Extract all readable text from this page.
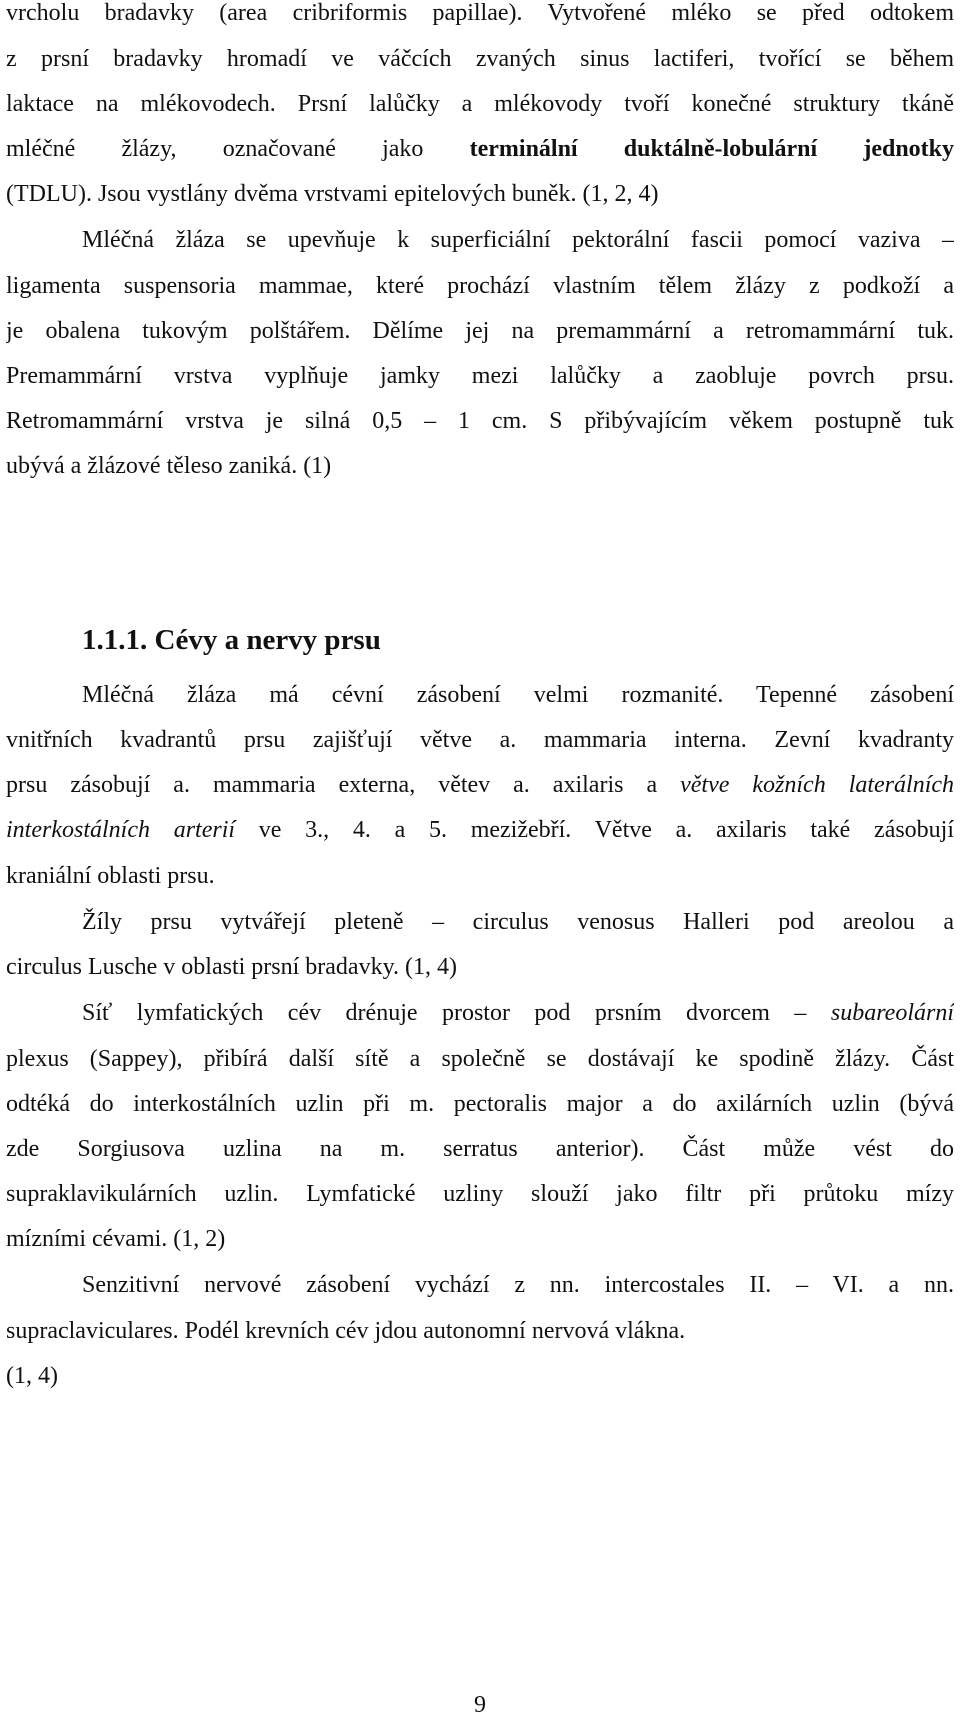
vrcholu bradavky (area cribriformis papillae). Vytvořené mléko se před odtokem
z prsní bradavky hromadí ve váčcích zvaných sinus lactiferi, tvořící se během
laktace na mlékovodech. Prsní lalůčky a mlékovody tvoří konečné struktury tkáně
mléčné žlázy, označované jako terminální duktálně-lobulární jednotky
(TDLU). Jsou vystlány dvěma vrstvami epitelových buněk. (1, 2, 4)
Mléčná žláza se upevňuje k superficiální pektorální fascii pomocí vaziva –
ligamenta suspensoria mammae, které prochází vlastním tělem žlázy z podkoží a
je obalena tukovým polštářem. Dělíme jej na premammární a retromammární tuk.
Premammární vrstva vyplňuje jamky mezi lalůčky a zaobluje povrch prsu.
Retromammární vrstva je silná 0,5 – 1 cm. S přibývajícím věkem postupně tuk
ubývá a žlázové těleso zaniká. (1)
1.1.1. Cévy a nervy prsu
Mléčná žláza má cévní zásobení velmi rozmanité. Tepenné zásobení
vnitřních kvadrantů prsu zajišťují větve a. mammaria interna. Zevní kvadranty
prsu zásobují a. mammaria externa, větev a. axilaris a větve kožních laterálních
interkostálních arterií ve 3., 4. a 5. mezižebří. Větve a. axilaris také zásobují
kraniální oblasti prsu.
Žíly prsu vytvářejí pleteně – circulus venosus Halleri pod areolou a
circulus Lusche v oblasti prsní bradavky. (1, 4)
Síť lymfatických cév drénuje prostor pod prsním dvorcem – subareolární
plexus (Sappey), přibírá další sítě a společně se dostávají ke spodině žlázy. Část
odtéká do interkostálních uzlin při m. pectoralis major a do axilárních uzlin (bývá
zde Sorgiusova uzlina na m. serratus anterior). Část může vést do
supraklavikulárních uzlin. Lymfatické uzliny slouží jako filtr při průtoku mízy
mízními cévami. (1, 2)
Senzitivní nervové zásobení vychází z nn. intercostales II. – VI. a nn.
supraclaviculares. Podél krevních cév jdou autonomní nervová vlákna.
(1, 4)
9
